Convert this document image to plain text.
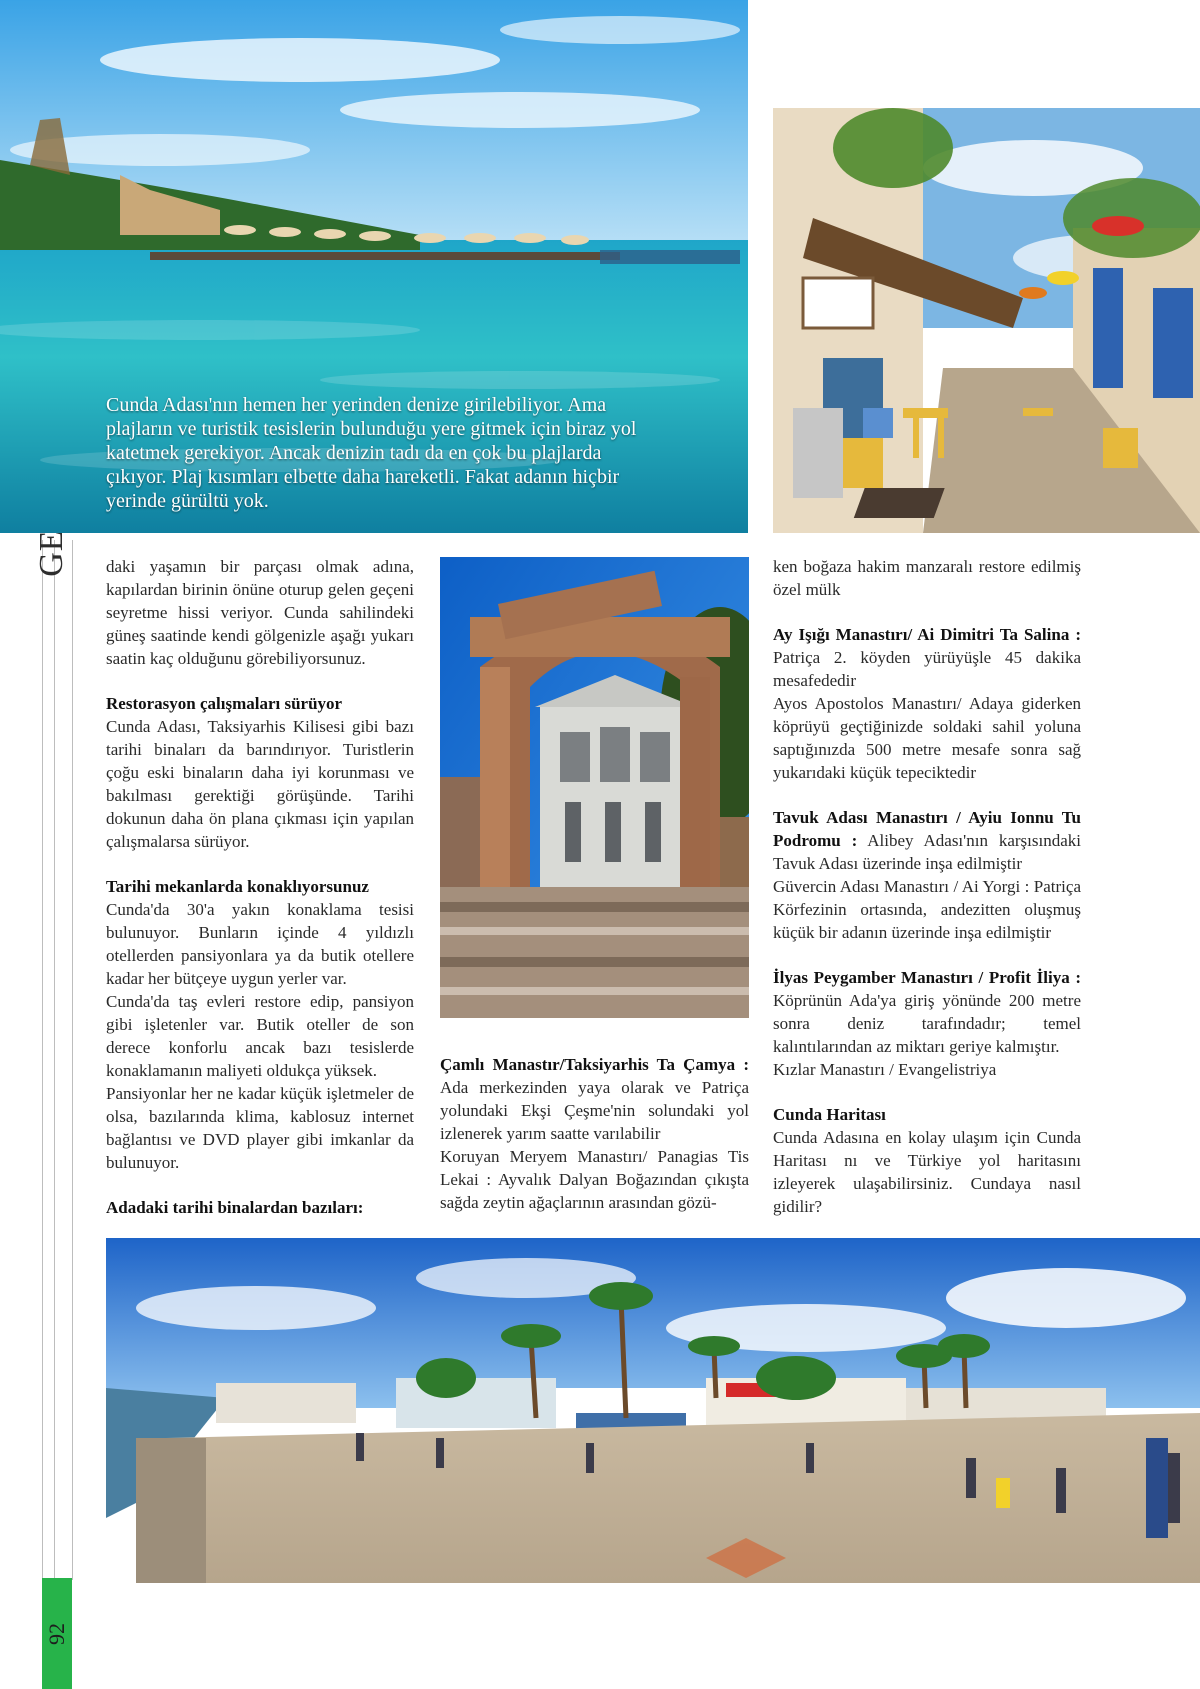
92
Cunda Adası'nın hemen her yerinden denize girilebiliyor. Ama plajların ve turistik tesislerin bulunduğu yere gitmek için biraz yol katetmek gerekiyor. Ancak denizin tadı da en çok bu plajlarda çıkıyor. Plaj kısımları elbette daha hareketli. Fakat adanın hiçbir yerinde gürültü yok.

daki yaşamın bir parçası olmak adına, kapılardan birinin önüne oturup gelen geçeni seyretme hissi veriyor. Cunda sahilindeki güneş saatinde kendi gölgenizle aşağı yukarı saatin kaç olduğunu görebiliyorsunuz.

Restorasyon çalışmaları sürüyor

Cunda Adası, Taksiyarhis Kilisesi gibi bazı tarihi binaları da barındırıyor. Turistlerin çoğu eski binaların daha iyi korunması ve bakılması gerektiği görüşünde. Tarihi dokunun daha ön plana çıkması için yapılan çalışmalarsa sürüyor.

Tarihi mekanlarda konaklıyorsunuz

Cunda'da 30'a yakın konaklama tesisi bulunuyor. Bunların içinde 4 yıldızlı otellerden pansiyonlara ya da butik otellere kadar her bütçeye uygun yerler var.

Cunda'da taş evleri restore edip, pansiyon gibi işletenler var. Butik oteller de son derece konforlu ancak bazı tesislerde konaklamanın maliyeti oldukça yüksek.

Pansiyonlar her ne kadar küçük işletmeler de olsa, bazılarında klima, kablosuz internet bağlantısı ve DVD player gibi imkanlar da bulunuyor.

Adadaki tarihi binalardan bazıları:

Çamlı Manastır/Taksiyarhis Ta Çamya : Ada merkezinden yaya olarak ve Patriça yolundaki Ekşi Çeşme'nin solundaki yol izlenerek yarım saatte varılabilir

Koruyan Meryem Manastırı/ Panagias Tis Lekai : Ayvalık Dalyan Boğazından çıkışta sağda zeytin ağaçlarının arasından gözü-

ken boğaza hakim manzaralı restore edilmiş özel mülk

Ay Işığı Manastırı/ Ai Dimitri Ta Salina : Patriça 2. köyden yürüyüşle 45 dakika mesafededir

Ayos Apostolos Manastırı/ Adaya giderken köprüyü geçtiğinizde soldaki sahil yoluna saptığınızda 500 metre mesafe sonra sağ yukarıdaki küçük tepeciktedir

Tavuk Adası Manastırı / Ayiu Ionnu Tu Podromu : Alibey Adası'nın karşısındaki Tavuk Adası üzerinde inşa edilmiştir

Güvercin Adası Manastırı / Ai Yorgi : Patriça Körfezinin ortasında, andezitten oluşmuş küçük bir adanın üzerinde inşa edilmiştir

İlyas Peygamber Manastırı / Profit İliya : Köprünün Ada'ya giriş yönünde 200 metre sonra deniz tarafındadır; temel kalıntılarından az miktarı geriye kalmıştır.

Kızlar Manastırı / Evangelistriya

Cunda Haritası

Cunda Adasına en kolay ulaşım için Cunda Haritası nı ve Türkiye yol haritasını izleyerek ulaşabilirsiniz. Cundaya nasıl gidilir?
